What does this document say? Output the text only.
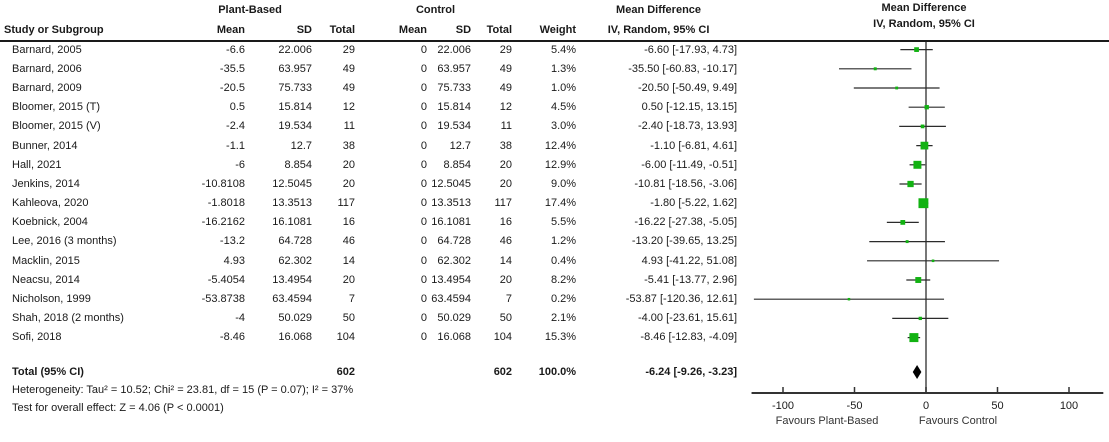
	Plant-Based			Control				Mean Difference
Study or Subgroup	Mean	SD	Total	Mean	SD	Total	Weight	IV, Random, 95% CI
Barnard, 2005	-6.6	22.006	29	0	22.006	29	5.4%	-6.60 [-17.93, 4.73]
Barnard, 2006	-35.5	63.957	49	0	63.957	49	1.3%	-35.50 [-60.83, -10.17]
Barnard, 2009	-20.5	75.733	49	0	75.733	49	1.0%	-20.50 [-50.49, 9.49]
Bloomer, 2015 (T)	0.5	15.814	12	0	15.814	12	4.5%	0.50 [-12.15, 13.15]
Bloomer, 2015 (V)	-2.4	19.534	11	0	19.534	11	3.0%	-2.40 [-18.73, 13.93]
Bunner, 2014	-1.1	12.7	38	0	12.7	38	12.4%	-1.10 [-6.81, 4.61]
Hall, 2021	-6	8.854	20	0	8.854	20	12.9%	-6.00 [-11.49, -0.51]
Jenkins, 2014	-10.8108	12.5045	20	0	12.5045	20	9.0%	-10.81 [-18.56, -3.06]
Kahleova, 2020	-1.8018	13.3513	117	0	13.3513	117	17.4%	-1.80 [-5.22, 1.62]
Koebnick, 2004	-16.2162	16.1081	16	0	16.1081	16	5.5%	-16.22 [-27.38, -5.05]
Lee, 2016 (3 months)	-13.2	64.728	46	0	64.728	46	1.2%	-13.20 [-39.65, 13.25]
Macklin, 2015	4.93	62.302	14	0	62.302	14	0.4%	4.93 [-41.22, 51.08]
Neacsu, 2014	-5.4054	13.4954	20	0	13.4954	20	8.2%	-5.41 [-13.77, 2.96]
Nicholson, 1999	-53.8738	63.4594	7	0	63.4594	7	0.2%	-53.87 [-120.36, 12.61]
Shah, 2018 (2 months)	-4	50.029	50	0	50.029	50	2.1%	-4.00 [-23.61, 15.61]
Sofi, 2018	-8.46	16.068	104	0	16.068	104	15.3%	-8.46 [-12.83, -4.09]

Total (95% CI)			602			602	100.0%	-6.24 [-9.26, -3.23]
Mean Difference
IV, Random, 95% CI
-100	-50	0	50	100
Favours Plant-Based	Favours Control
Heterogeneity: Tau² = 10.52; Chi² = 23.81, df = 15 (P = 0.07); I² = 37%
Test for overall effect: Z = 4.06 (P < 0.0001)
